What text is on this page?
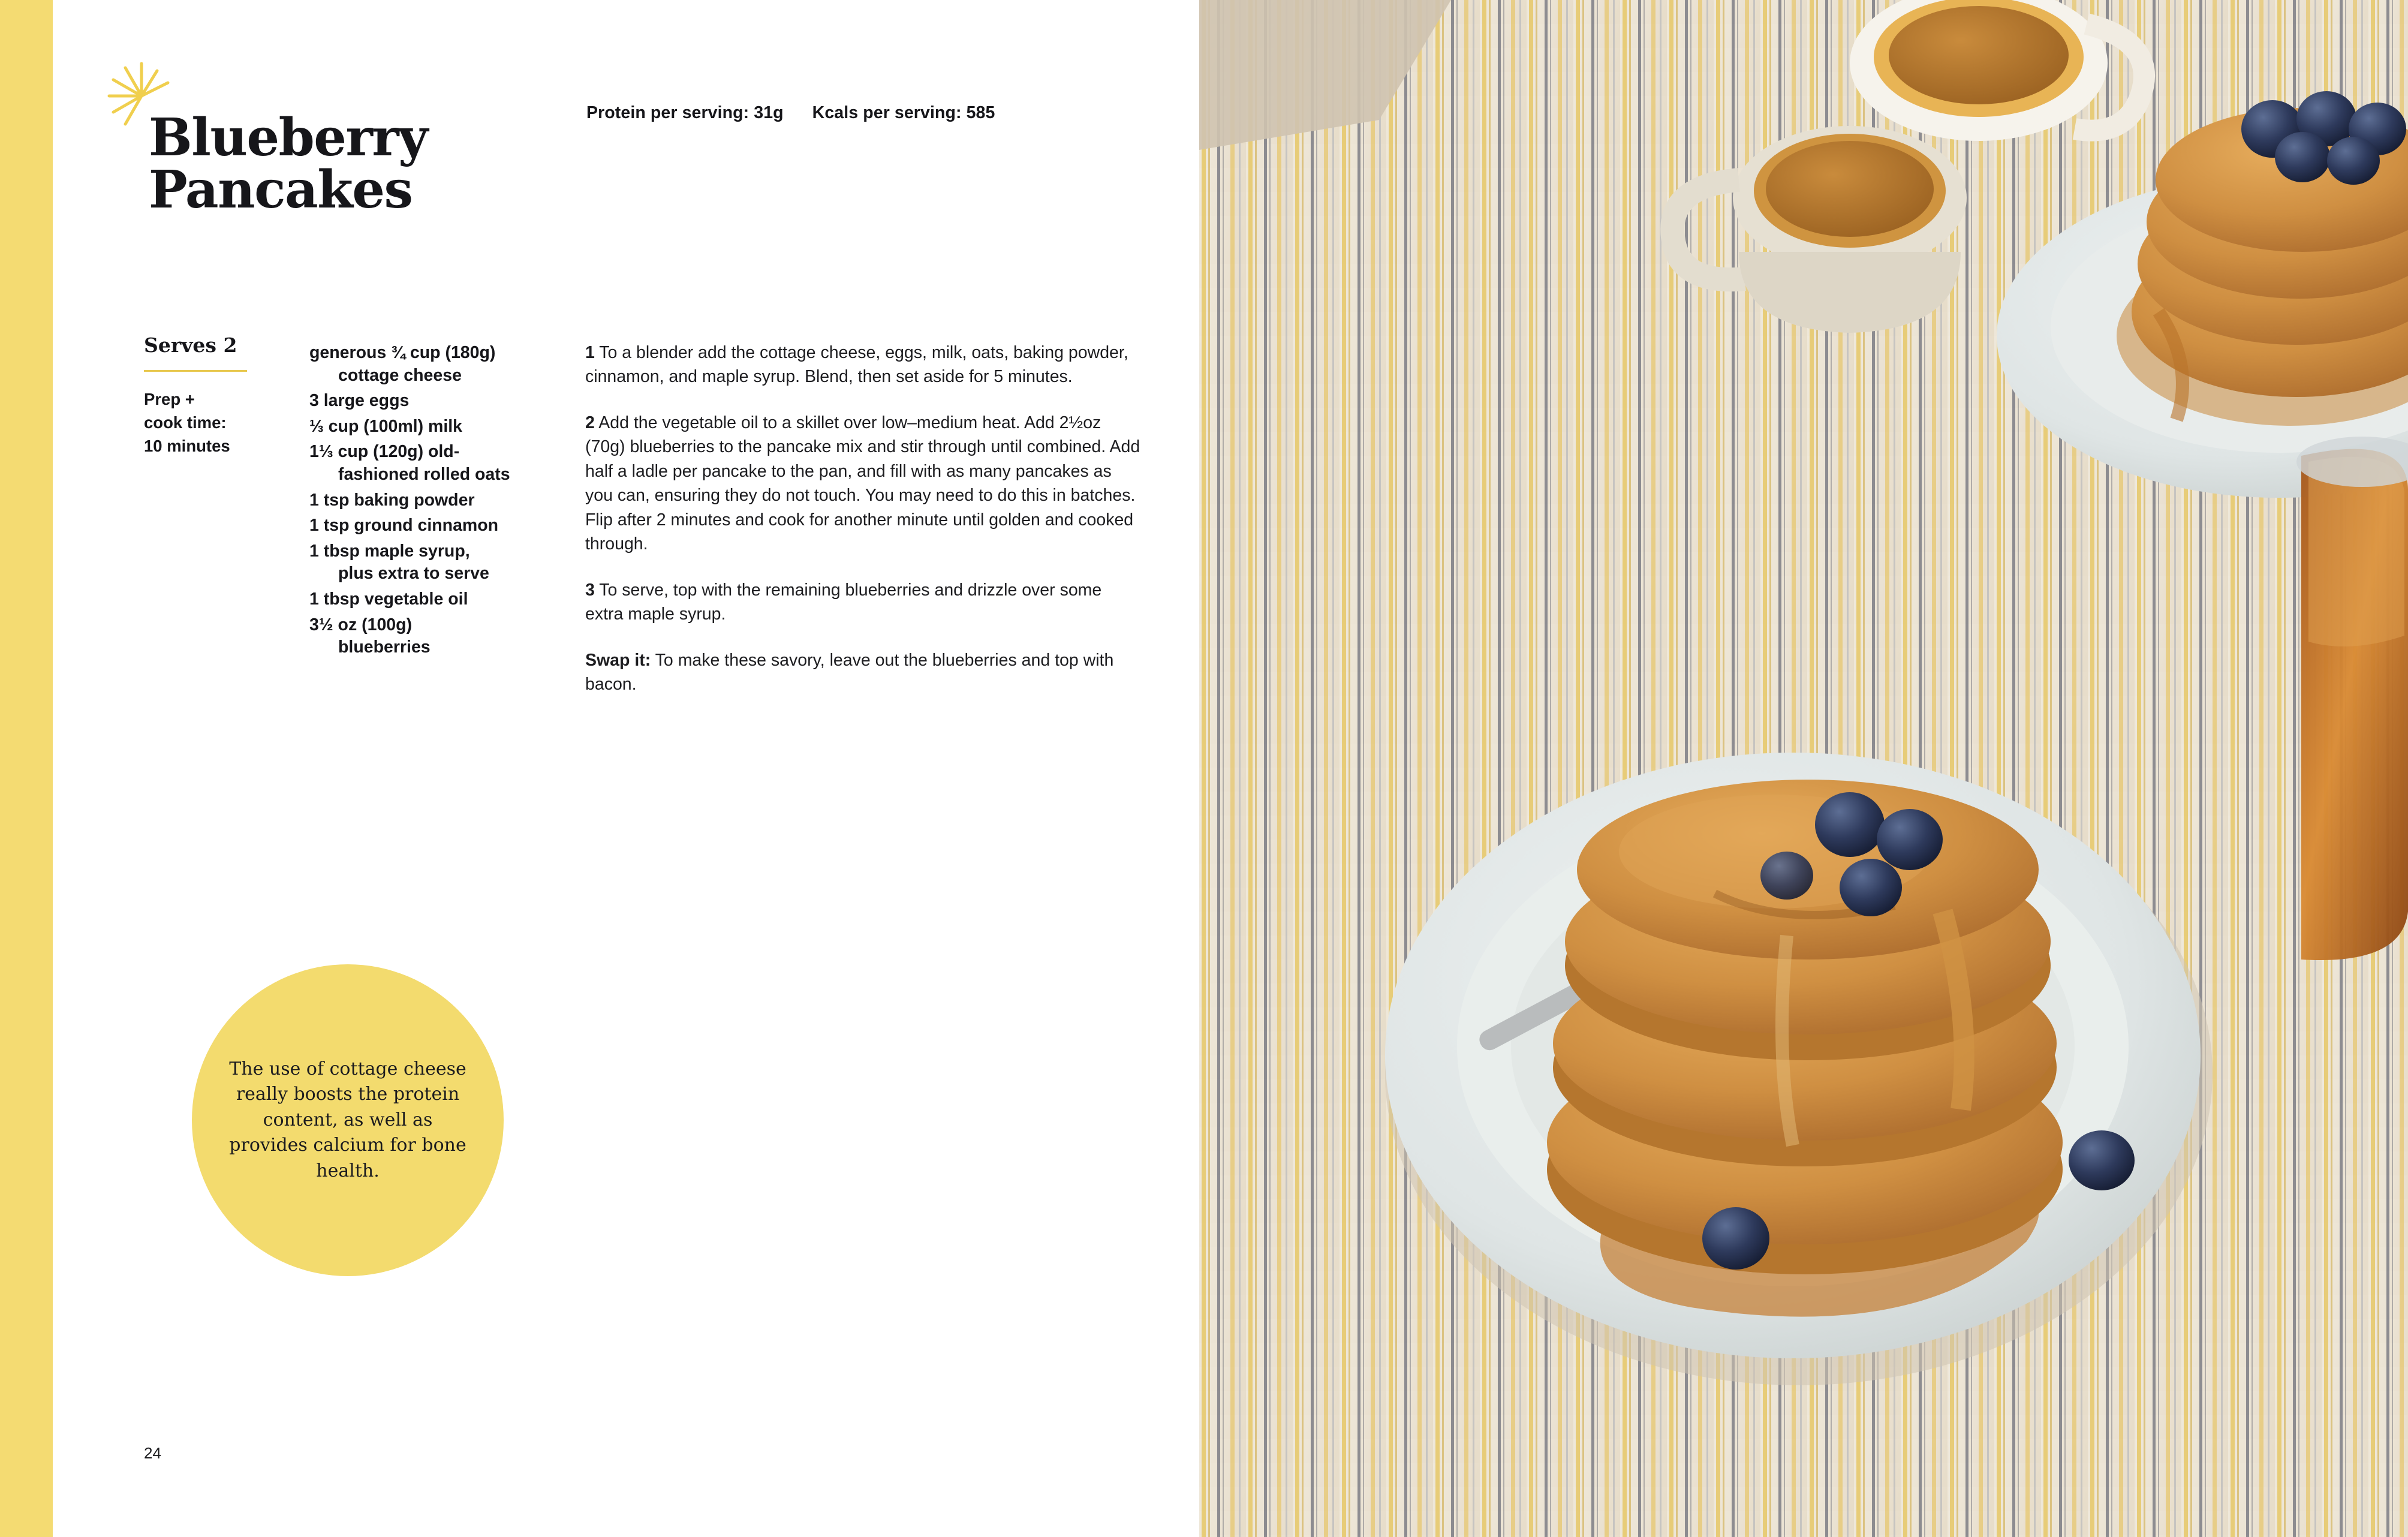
Blueberry
Pancakes
Protein per serving: 31g Kcals per serving: 585
Serves 2
Prep +
cook time:
10 minutes
generous ¾ cup (180g)
cottage cheese
3 large eggs
⅓ cup (100ml) milk
1⅓ cup (120g) old-
fashioned rolled oats
1 tsp baking powder
1 tsp ground cinnamon
1 tbsp maple syrup,
plus extra to serve
1 tbsp vegetable oil
3½ oz (100g)
blueberries

1 To a blender add the cottage cheese, eggs, milk, oats, baking powder, cinnamon, and maple syrup. Blend, then set aside for 5 minutes.

2 Add the vegetable oil to a skillet over low–medium heat. Add 2½oz (70g) blueberries to the pancake mix and stir through until combined. Add half a ladle per pancake to the pan, and fill with as many pancakes as you can, ensuring they do not touch. You may need to do this in batches. Flip after 2 minutes and cook for another minute until golden and cooked through.

3 To serve, top with the remaining blueberries and drizzle over some extra maple syrup.

Swap it: To make these savory, leave out the blueberries and top with bacon.

The use of cottage cheese really boosts the protein content, as well as provides calcium for bone health.
24
